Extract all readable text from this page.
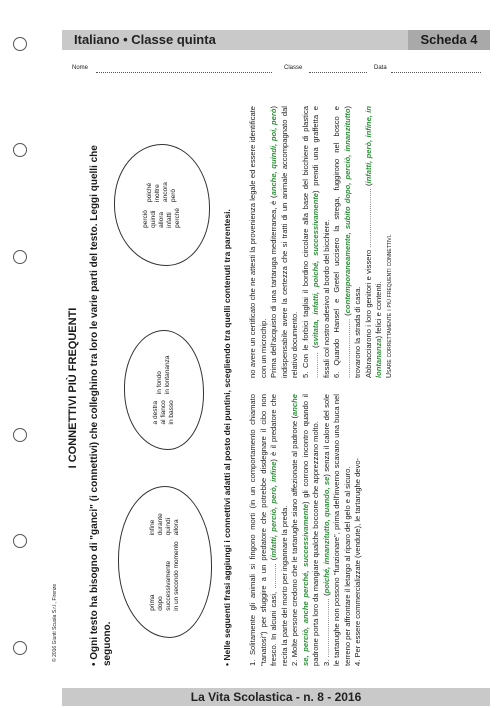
Italiano • Classe quinta	Scheda 4
Nome	Classe	Data
© 2016 Giunti Scuola S.r.l., Firenze
I CONNETTIVI PIÙ FREQUENTI
• Ogni testo ha bisogno di "ganci" (i connettivi) che colleghino tra loro le varie parti del testo. Leggi quelli che seguono.
prima dopo successivamente in un secondo momento
infine durante quindi allora
a destra al fianco in basso
in fondo in lontananza
perciò quindi allora infatti perché
poiché inoltre ancora però
• Nelle seguenti frasi aggiungi i connettivi adatti al posto dei puntini, scegliendo tra quelli contenuti tra parentesi. 1. Solitamente gli animali si fingono morti (in un comportamento chiamato "tanatosi") per sfuggire a un predatore che potrebbe disdegnare il cibo non fresco. In alcuni casi, ............ (infatti, perciò, però, infine) è il predatore che recita la parte del morto per ingannare la preda. 2. Molte persone credono che le tartarughe siano affezionate al padrone (anche se, perciò, anche perché, successivamente) gli corrono incontro quando il padrone porta loro da mangiare qualche boccone che apprezzano molto. 3. ............................ (poiché, innanzitutto, quando, se) senza il calore del sole le tartarughe non possono "funzionare", prima dell'inverno scavano una buca nel terreno per affrontare il letargo al riparo del gelo e al sicuro. 4. Per essere commercializzate (vendute), le tartarughe devo-

no avere un certificato che ne attesti la provenienza legale ed essere identificate con un microchip. Prima dell'acquisto di una tartaruga mediterranea, è (anche, quindi, poi, però) indispensabile avere la certezza che si tratti di un animale accompagnato dal relativo documento. 5. Con le forbici tagliai il bordino circolare alla base del bicchiere di plastica ............ (svitata, infatti, poiché, successivamente) prendi una graffetta e fissali col nostro adesivo al bordo del bicchiere. 6. Quando Hansel e Gretel uccisero la strega, fuggirono nel bosco e ............................ (contemporaneamente, subito dopo, perciò, innanzitutto) trovarono la strada di casa. Abbracciarono i loro genitori e vissero ............................ (infatti, però, infine, in lontananza) felici e contenti. Usare correttamente i più frequenti connettivi.

La Vita Scolastica - n. 8 - 2016
